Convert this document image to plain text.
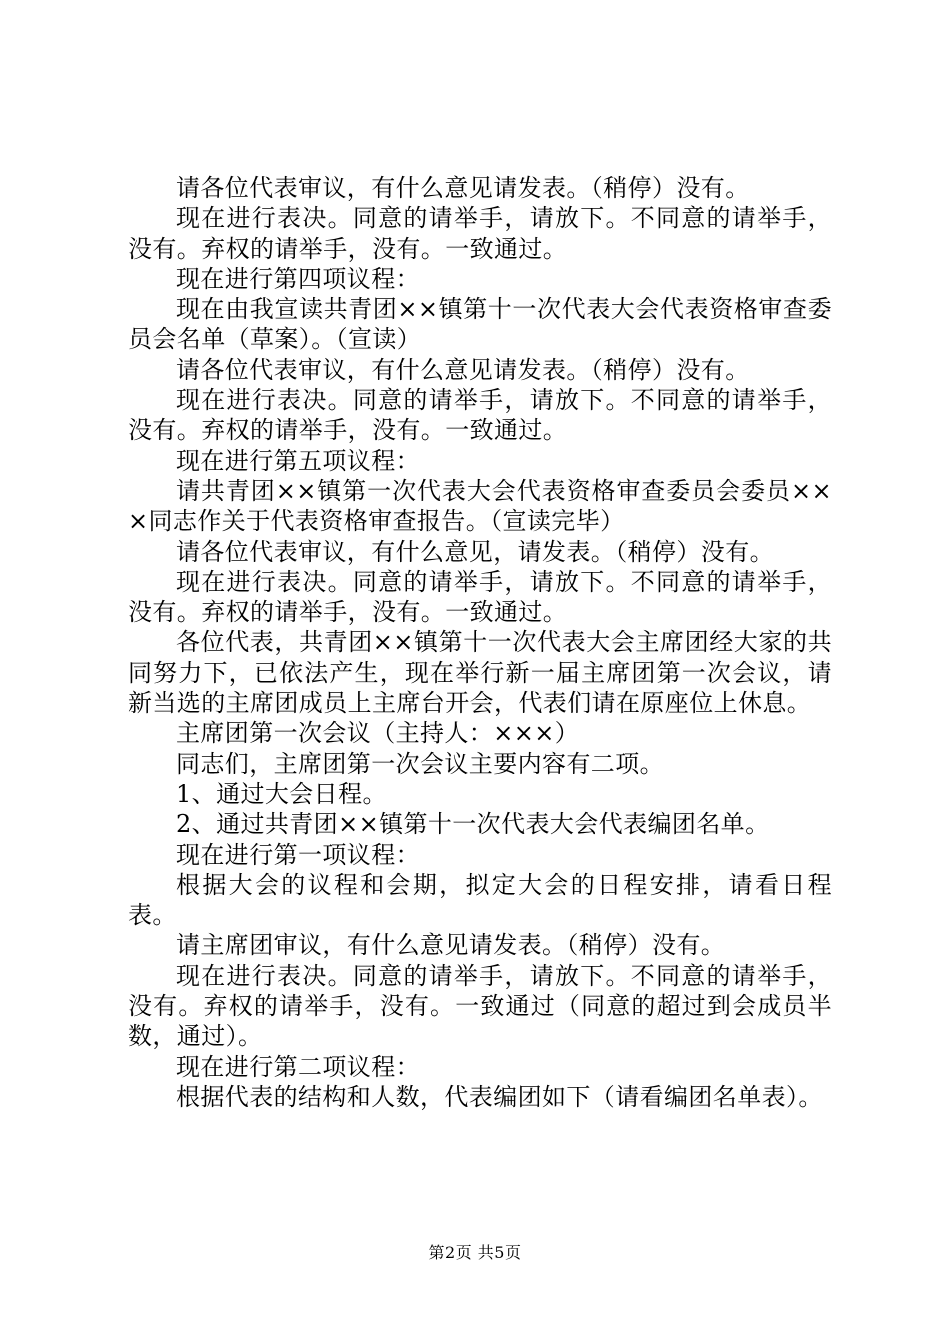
请各位代表审议，有什么意见请发表。（稍停）没有。

现在进行表决。同意的请举手，请放下。不同意的请举手，没有。弃权的请举手，没有。一致通过。

现在进行第四项议程：

现在由我宣读共青团××镇第十一次代表大会代表资格审查委员会名单（草案）。（宣读）

请各位代表审议，有什么意见请发表。（稍停）没有。

现在进行表决。同意的请举手，请放下。不同意的请举手，没有。弃权的请举手，没有。一致通过。

现在进行第五项议程：

请共青团××镇第一次代表大会代表资格审查委员会委员×××同志作关于代表资格审查报告。（宣读完毕）

请各位代表审议，有什么意见，请发表。（稍停）没有。

现在进行表决。同意的请举手，请放下。不同意的请举手，没有。弃权的请举手，没有。一致通过。

各位代表，共青团××镇第十一次代表大会主席团经大家的共同努力下，已依法产生，现在举行新一届主席团第一次会议，请新当选的主席团成员上主席台开会，代表们请在原座位上休息。

主席团第一次会议（主持人：×××）

同志们，主席团第一次会议主要内容有二项。

1、通过大会日程。

2、通过共青团××镇第十一次代表大会代表编团名单。

现在进行第一项议程：

根据大会的议程和会期，拟定大会的日程安排，请看日程表。

请主席团审议，有什么意见请发表。（稍停）没有。

现在进行表决。同意的请举手，请放下。不同意的请举手，没有。弃权的请举手，没有。一致通过（同意的超过到会成员半数，通过）。

现在进行第二项议程：

根据代表的结构和人数，代表编团如下（请看编团名单表）。

第2页 共5页
